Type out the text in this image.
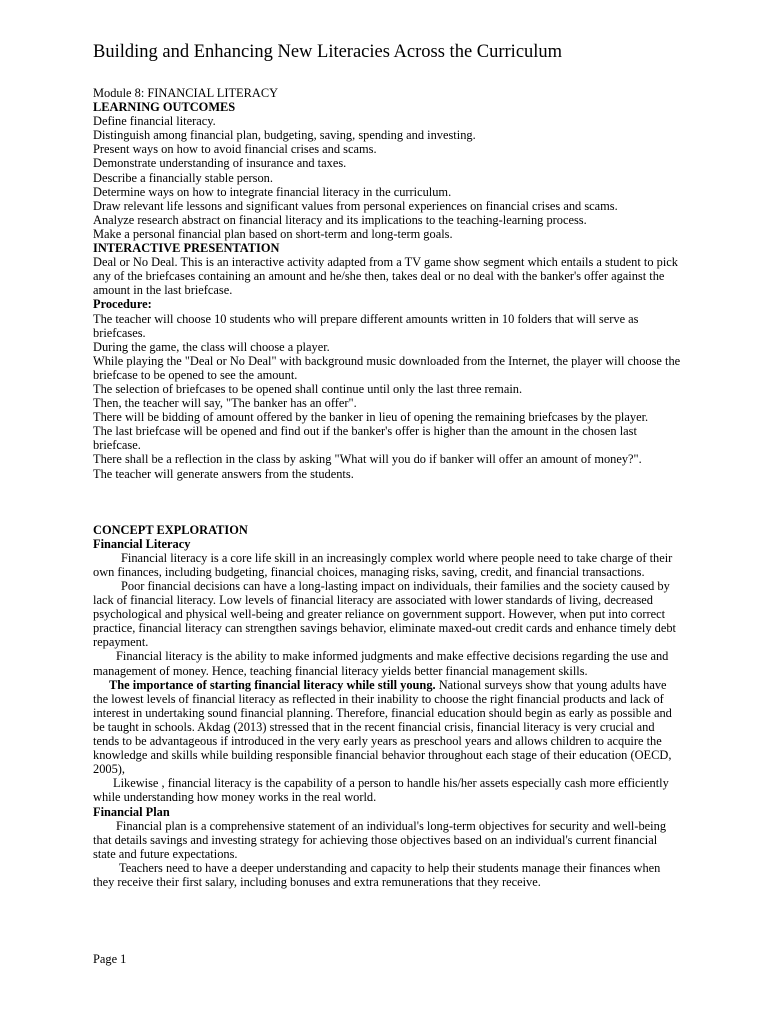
Building and Enhancing New Literacies Across the Curriculum

Module 8: FINANCIAL LITERACY

LEARNING OUTCOMES

Define financial literacy.

Distinguish among financial plan, budgeting, saving, spending and investing.

Present ways on how to avoid financial crises and scams.

Demonstrate understanding of insurance and taxes.

Describe a financially stable person.

Determine ways on how to integrate financial literacy in the curriculum.

Draw relevant life lessons and significant values from personal experiences on financial crises and scams.

Analyze research abstract on financial literacy and its implications to the teaching-learning process.

Make a personal financial plan based on short-term and long-term goals.

INTERACTIVE PRESENTATION

Deal or No Deal. This is an interactive activity adapted from a TV game show segment which entails a student to pick any of the briefcases containing an amount and he/she then, takes deal or no deal with the banker's offer against the amount in the last briefcase.

Procedure:

The teacher will choose 10 students who will prepare different amounts written in 10 folders that will serve as briefcases.

During the game, the class will choose a player.

While playing the "Deal or No Deal" with background music downloaded from the Internet, the player will choose the briefcase to be opened to see the amount.

The selection of briefcases to be opened shall continue until only the last three remain.

Then, the teacher will say, "The banker has an offer".

There will be bidding of amount offered by the banker in lieu of opening the remaining briefcases by the player.

The last briefcase will be opened and find out if the banker's offer is higher than the amount in the chosen last briefcase.

There shall be a reflection in the class by asking "What will you do if banker will offer an amount of money?".

The teacher will generate answers from the students.

CONCEPT EXPLORATION

Financial Literacy

Financial literacy is a core life skill in an increasingly complex world where people need to take charge of their own finances, including budgeting, financial choices, managing risks, saving, credit, and financial transactions.

Poor financial decisions can have a long-lasting impact on individuals, their families and the society caused by lack of financial literacy. Low levels of financial literacy are associated with lower standards of living, decreased psychological and physical well-being and greater reliance on government support. However, when put into correct practice, financial literacy can strengthen savings behavior, eliminate maxed-out credit cards and enhance timely debt repayment.

Financial literacy is the ability to make informed judgments and make effective decisions regarding the use and management of money. Hence, teaching financial literacy yields better financial management skills.

The importance of starting financial literacy while still young. National surveys show that young adults have the lowest levels of financial literacy as reflected in their inability to choose the right financial products and lack of interest in undertaking sound financial planning. Therefore, financial education should begin as early as possible and be taught in schools. Akdag (2013) stressed that in the recent financial crisis, financial literacy is very crucial and tends to be advantageous if introduced in the very early years as preschool years and allows children to acquire the knowledge and skills while building responsible financial behavior throughout each stage of their education (OECD, 2005),

Likewise , financial literacy is the capability of a person to handle his/her assets especially cash more efficiently while understanding how money works in the real world.

Financial Plan

Financial plan is a comprehensive statement of an individual's long-term objectives for security and well-being that details savings and investing strategy for achieving those objectives based on an individual's current financial state and future expectations.

Teachers need to have a deeper understanding and capacity to help their students manage their finances when they receive their first salary, including bonuses and extra remunerations that they receive.

Page 1
